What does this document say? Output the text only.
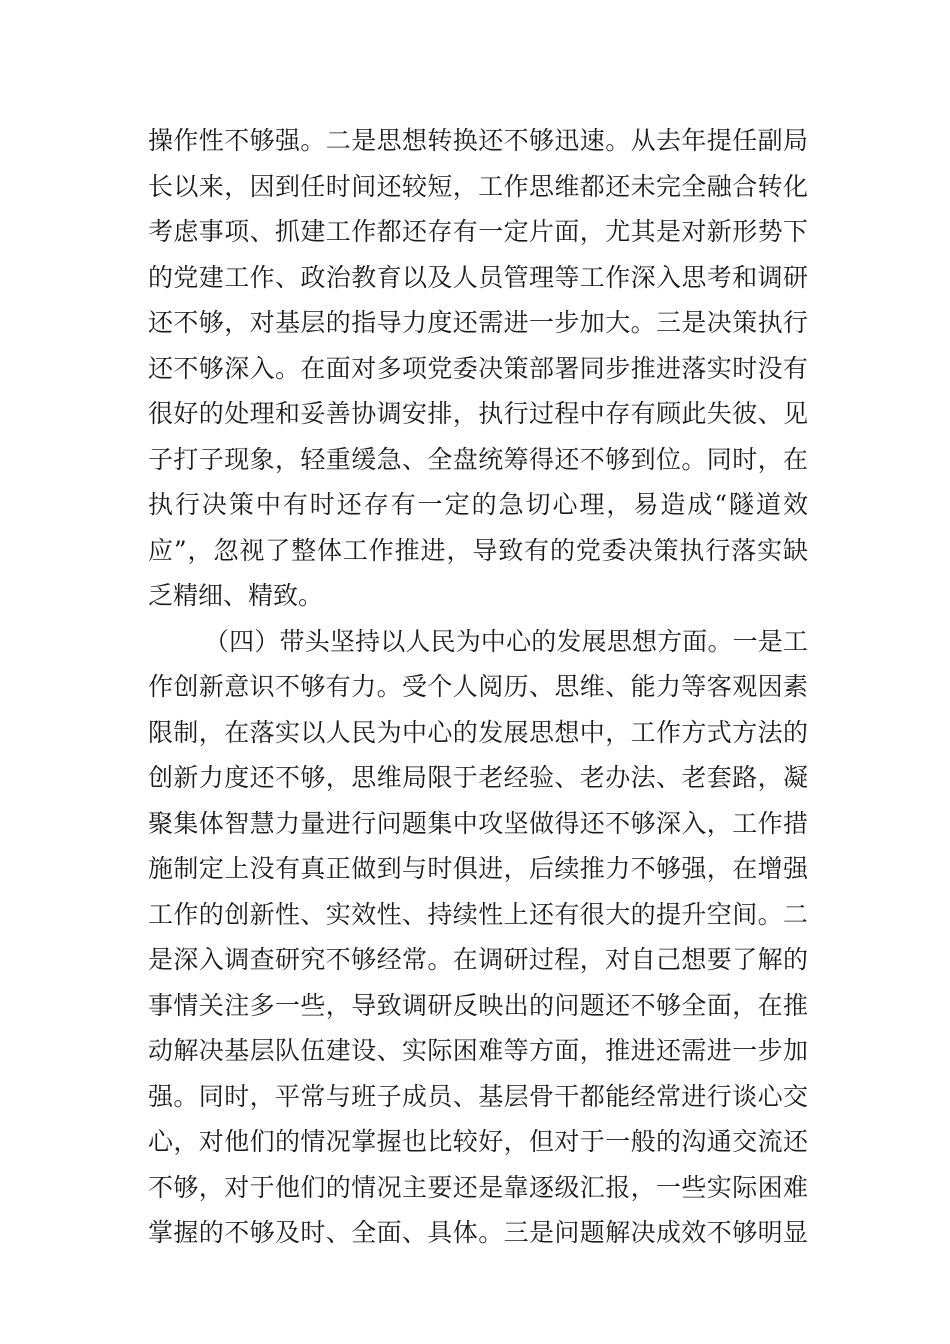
操作性不够强。二是思想转换还不够迅速。从去年提任副局
长以来，因到任时间还较短，工作思维都还未完全融合转化
考虑事项、抓建工作都还存有一定片面，尤其是对新形势下
的党建工作、政治教育以及人员管理等工作深入思考和调研
还不够，对基层的指导力度还需进一步加大。三是决策执行
还不够深入。在面对多项党委决策部署同步推进落实时没有
很好的处理和妥善协调安排，执行过程中存有顾此失彼、见
子打子现象，轻重缓急、全盘统筹得还不够到位。同时，在
执行决策中有时还存有一定的急切心理，易造成“隧道效
应”，忽视了整体工作推进，导致有的党委决策执行落实缺
乏精细、精致。
（四）带头坚持以人民为中心的发展思想方面。一是工
作创新意识不够有力。受个人阅历、思维、能力等客观因素
限制，在落实以人民为中心的发展思想中，工作方式方法的
创新力度还不够，思维局限于老经验、老办法、老套路，凝
聚集体智慧力量进行问题集中攻坚做得还不够深入，工作措
施制定上没有真正做到与时俱进，后续推力不够强，在增强
工作的创新性、实效性、持续性上还有很大的提升空间。二
是深入调查研究不够经常。在调研过程，对自己想要了解的
事情关注多一些，导致调研反映出的问题还不够全面，在推
动解决基层队伍建设、实际困难等方面，推进还需进一步加
强。同时，平常与班子成员、基层骨干都能经常进行谈心交
心，对他们的情况掌握也比较好，但对于一般的沟通交流还
不够，对于他们的情况主要还是靠逐级汇报，一些实际困难
掌握的不够及时、全面、具体。三是问题解决成效不够明显
